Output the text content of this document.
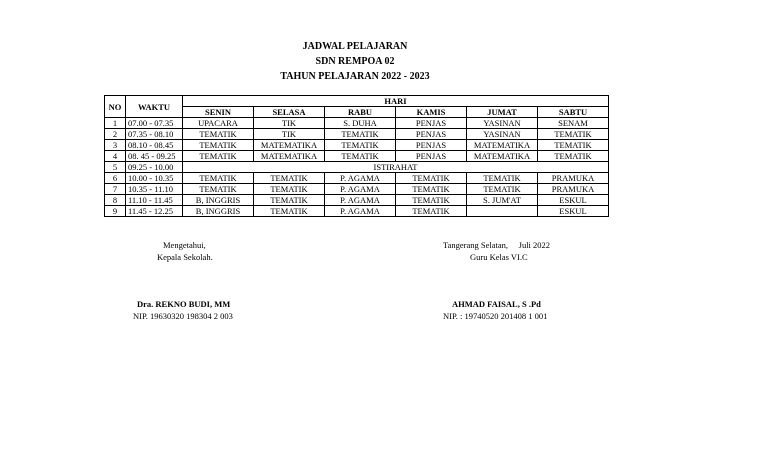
JADWAL PELAJARAN
SDN REMPOA 02
TAHUN PELAJARAN 2022 - 2023
NO	WAKTU	HARI					
		SENIN	SELASA	RABU	KAMIS	JUMAT	SABTU
1	07.00 - 07.35	UPACARA	TIK	S. DUHA	PENJAS	YASINAN	SENAM
2	07.35 - 08.10	TEMATIK	TIK	TEMATIK	PENJAS	YASINAN	TEMATIK
3	08.10 - 08.45	TEMATIK	MATEMATIKA	TEMATIK	PENJAS	MATEMATIKA	TEMATIK
4	08. 45 - 09.25	TEMATIK	MATEMATIKA	TEMATIK	PENJAS	MATEMATIKA	TEMATIK
5	09.25 - 10.00	ISTIRAHAT					
6	10.00 - 10.35	TEMATIK	TEMATIK	P. AGAMA	TEMATIK	TEMATIK	PRAMUKA
7	10.35 - 11.10	TEMATIK	TEMATIK	P. AGAMA	TEMATIK	TEMATIK	PRAMUKA
8	11.10 - 11.45	B, INGGRIS	TEMATIK	P. AGAMA	TEMATIK	S. JUM'AT	ESKUL
9	11.45 - 12.25	B, INGGRIS	TEMATIK	P. AGAMA	TEMATIK		ESKUL
Mengetahui,
Kepala Sekolah.
Dra. REKNO BUDI, MM
NIP. 19630320 198304 2 003
Tangerang Selatan,     Juli 2022
Guru Kelas VI.C
AHMAD FAISAL, S .Pd
NIP. : 19740520 201408 1 001
